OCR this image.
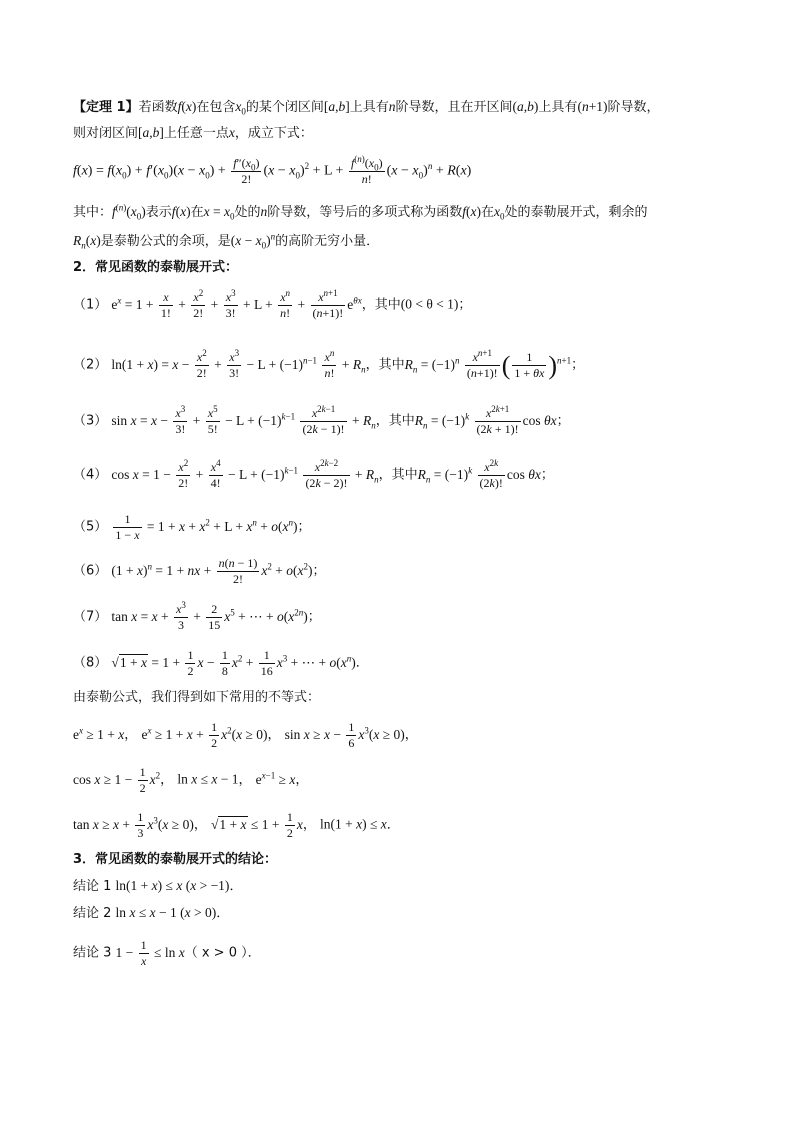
【定理 1】若函数f(x)在包含$x_0$的某个闭区间[a,b]上具有n阶导数，且在开区间(a,b)上具有(n+1)阶导数，
则对闭区间[a,b]上任意一点x，成立下式：
$f(x) = f(x_0) + f'(x_0)(x - x_0) + \frac{f''(x_0)}{2!} (x - x_0)^2 + L + \frac{f^{(n)}(x_0)}{n!} (x - x_0)^n + R(x)$
其中：$f^{(n)}(x_0)$表示f(x)在$x = x_0$处的n阶导数，等号后的多项式称为函数f(x)在$x_0$处的泰勒展开式，剩余的
$R_n(x)$是泰勒公式的余项，是$(x - x_0)^n$的高阶无穷小量．
2．常见函数的泰勒展开式：
（1） $e^x = 1 + \frac{x}{1!} + \frac{x^2}{2!} + \frac{x^3}{3!} + L + \frac{x^n}{n!} + \frac{x^{n+1}}{(n+1)!} e^{\theta x}$，其中(0 < θ < 1)；
（2） $\ln(1 + x) = x - \frac{x^2}{2!} + \frac{x^3}{3!} - L + (-1)^{n-1} \frac{x^n}{n!} + R_n$，其中$R_n = (-1)^n \frac{x^{n+1}}{(n+1)!}$ ( $\frac{1}{1 + \theta x} )^{n+1}$；
（3） $\sin x = x - \frac{x^3}{3!} + \frac{x^5}{5!} - L + (-1)^{k-1} \frac{x^{2k-1}}{(2k - 1)!} + R_n$，其中$R_n = (-1)^k \frac{x^{2k+1}}{(2k + 1)!}$ cos θx；
（4） $\cos x = 1 - \frac{x^2}{2!} + \frac{x^4}{4!} - L + (-1)^{k-1} \frac{x^{2k-2}}{(2k - 2)!} + R_n$，其中$R_n = (-1)^k \frac{x^{2k}}{(2k)!}$ cos θx；
$(5) \frac{1}{1 - x} = 1 + x + x^2 + L + x^n + o(x^n)$；
（6） $(1 + x)^n = 1$ + nx + $\frac{n(n - 1)}{2!} x^2 + o(x^2)$；
（7） $\tan x = x + \frac{x^3}{3} + \frac{2}{15} x^5$ + ⋯ + $o(x^{2n})$；
（8） $√1 + x = 1 + \frac{1}{2}$ $x - \frac{1}{8} x^2 + \frac{1}{16} x^3$ + ⋯ + $o(x^n)$．
由泰勒公式，我们得到如下常用的不等式：
$e^x \ge 1 + x$， $e^x \ge 1 + x + \frac{1}{2} x^2(x \ge 0)$， $\sin x \ge x - \frac{1}{6} x^3(x \ge 0)$，
$\cos x \ge 1 - \frac{1}{2} x^2$， ln x ≤ x − 1， $e^{x-1} \ge x$，
$\tan x \ge x + \frac{1}{3} x^3(x \ge 0)$， $√1 + x \le 1 + \frac{1}{2}$ x， ln(1 + x) ≤ x．
3．常见函数的泰勒展开式的结论：
结论 1 ln(1 + x) ≤ x (x > −1)．
结论 2 ln x ≤ x − 1 (x > 0)．
结论 3 $1 - \frac{1}{x} \le \ln x$（ x > 0 ）．
